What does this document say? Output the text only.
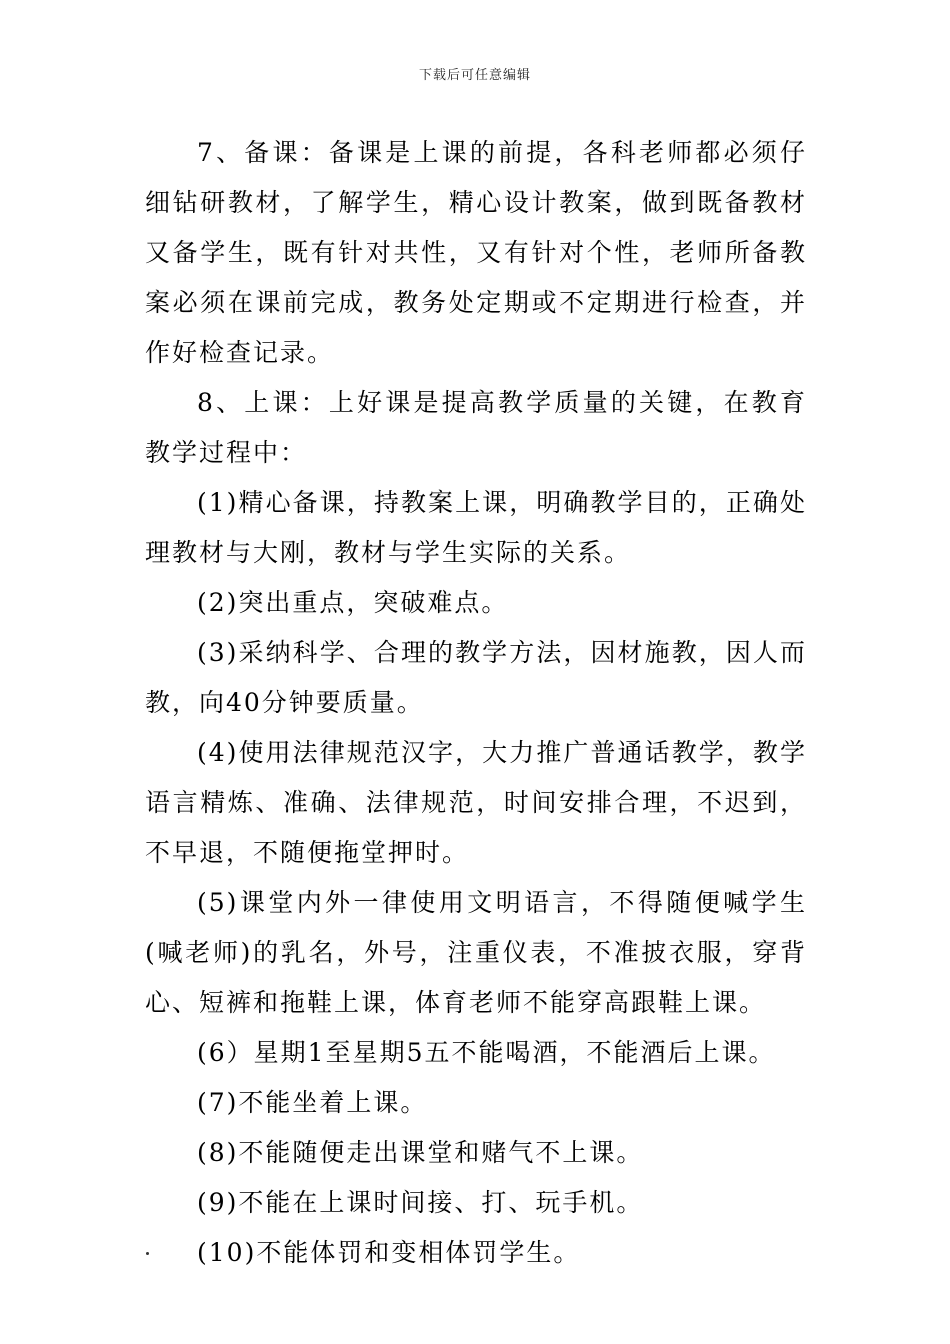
下载后可任意编辑

7、备课：备课是上课的前提，各科老师都必须仔细钻研教材，了解学生，精心设计教案，做到既备教材又备学生，既有针对共性，又有针对个性，老师所备教案必须在课前完成，教务处定期或不定期进行检查，并作好检查记录。

8、上课：上好课是提高教学质量的关键，在教育教学过程中：

(1)精心备课，持教案上课，明确教学目的，正确处理教材与大刚，教材与学生实际的关系。

(2)突出重点，突破难点。

(3)采纳科学、合理的教学方法，因材施教，因人而教，向40分钟要质量。

(4)使用法律规范汉字，大力推广普通话教学，教学语言精炼、准确、法律规范，时间安排合理，不迟到，不早退，不随便拖堂押时。

(5)课堂内外一律使用文明语言，不得随便喊学生(喊老师)的乳名，外号，注重仪表，不准披衣服，穿背心、短裤和拖鞋上课，体育老师不能穿高跟鞋上课。

(6）星期1至星期5五不能喝酒，不能酒后上课。

(7)不能坐着上课。

(8)不能随便走出课堂和赌气不上课。

(9)不能在上课时间接、打、玩手机。

(10)不能体罚和变相体罚学生。
